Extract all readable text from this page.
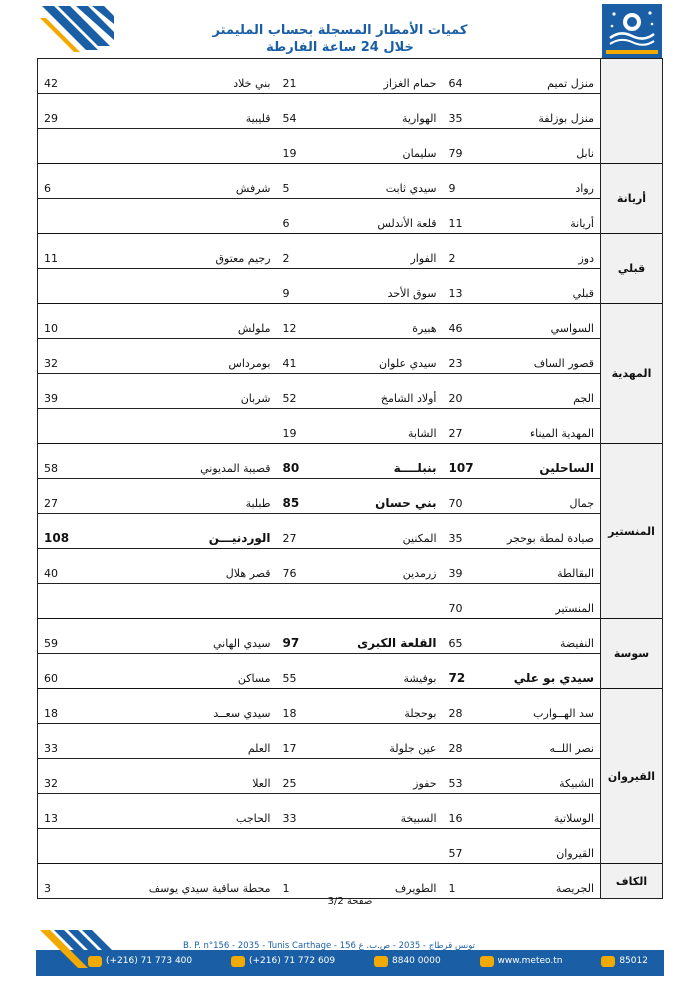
كميات الأمطار المسجلة بحساب المليمتر
خلال 24 ساعة الفارطة
	منزل تميم	64	حمام الغزاز	21	بني خلاد	42
	منزل بوزلفة	35	الهوارية	54	قليبية	29
	نابل	79	سليمان	19		
أريانة	رواد	9	سيدي ثابت	5	شرفش	6
	أريانة	11	قلعة الأندلس	6		
قبلي	دوز	2	الفوار	2	رجيم معتوق	11
	قبلي	13	سوق الأحد	9		
المهدية	السواسي	46	هبيرة	12	ملولش	10
	قصور الساف	23	سيدي علوان	41	بومرداس	32
	الجم	20	أولاد الشامخ	52	شربان	39
	المهدية الميناء	27	الشابة	19		
المنستير	الساحلين	107	بنبلــــة	80	قصيبة المديوني	58
	جمال	70	بني حسان	85	طبلبة	27
	صيادة لمطة بوحجر	35	المكنين	27	الوردنيـــن	108
	البقالطة	39	زرمدين	76	قصر هلال	40
	المنستير	70				
سوسة	النفيضة	65	القلعة الكبرى	97	سيدي الهاني	59
	سيدي بو علي	72	بوفيشة	55	مساكن	60
القيروان	سد الهــوارب	28	بوحجلة	18	سيدي سعــد	18
	نصر اللــه	28	عين جلولة	17	العلم	33
	الشبيكة	53	حفوز	25	العلا	32
	الوسلاتية	16	السبيخة	33	الحاجب	13
	القيروان	57				
الكاف	الجريصة	1	الطويرف	1	محطة ساقية سيدي يوسف	3
صفحة 3/2
B. P. n°156 - 2035 - Tunis Carthage - تونس قرطاج - 2035 - ص.ب. ع 156
(+216) 71 773 400	(+216) 71 772 609	8840 0000	www.meteo.tn	85012
